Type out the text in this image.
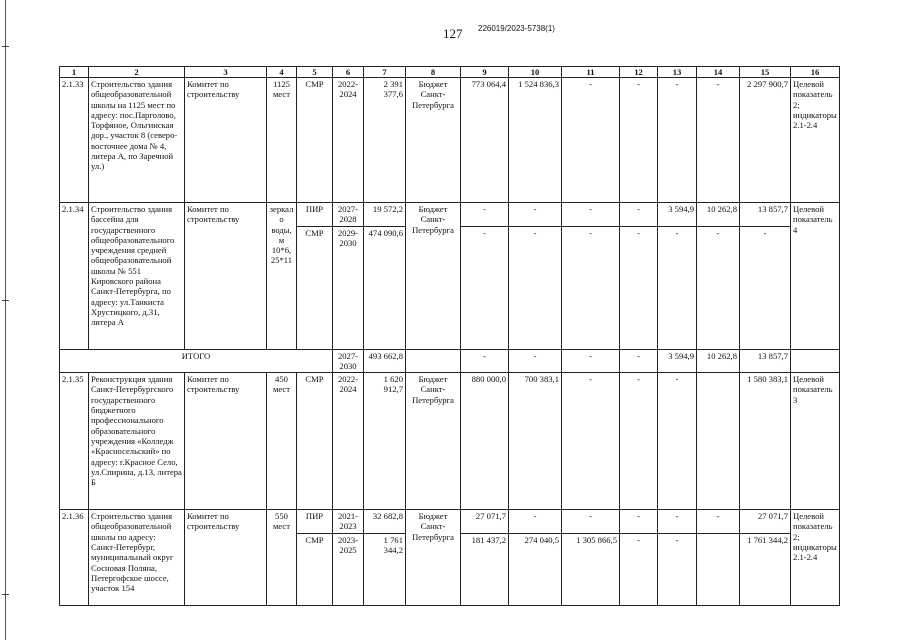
127 226019/2023-5738(1)
1	2	3	4	5	6	7	8	9	10	11	12	13	14	15	16
2.1.33	Строительство здания общеобразовательной школы на 1125 мест по адресу: пос.Парголово, Торфяное, Ольгинская дор., участок 8 (северо-восточнее дома № 4, литера А, по Заречной ул.)	Комитет по строительству	1125 мест	СМР	2022-2024	2 391 377,6	Бюджет Санкт-Петербурга	773 064,4	1 524 836,3	-	-	-	-	2 297 900,7	Целевой показатель 2; индикаторы 2.1-2.4
2.1.34	Строительство здания бассейна для государственного общеобразовательного учреждения средней общеобразовательной школы № 551 Кировского района Санкт-Петербурга, по адресу: ул.Танкиста Хрустицкого, д.31, литера А	Комитет по строительству	зеркало воды, м 10*6, 25*11	ПИР	2027-2028	19 572,2	Бюджет Санкт-Петербурга	-	-	-	-	3 594,9	10 262,8	13 857,7	Целевой показатель 4
				СМР	2029-2030	474 090,6		-	-	-	-	-	-	-	
ИТОГО					2027-2030	493 662,8		-	-	-	-	3 594,9	10 262,8	13 857,7	
2.1.35	Реконструкция здания Санкт-Петербургского государственного бюджетного профессионального образовательного учреждения «Колледж «Красносельский» по адресу: г.Красное Село, ул.Спирина, д.13, литера Б	Комитет по строительству	450 мест	СМР	2022-2024	1 620 912,7	Бюджет Санкт-Петербурга	880 000,0	700 383,1	-	-	-		1 580 383,1	Целевой показатель 3
2.1.36	Строительство здания общеобразовательной школы по адресу: Санкт-Петербург, муниципальный округ Сосновая Поляна, Петергофское шоссе, участок 154	Комитет по строительству	550 мест	ПИР	2021-2023	32 682,8	Бюджет Санкт-Петербурга	27 071,7	-	-	-	-	-	27 071,7	Целевой показатель 2; индикаторы 2.1-2.4
				СМР	2023-2025	1 761 344,2		181 437,2	274 040,5	1 305 866,5	-	-		1 761 344,2	
